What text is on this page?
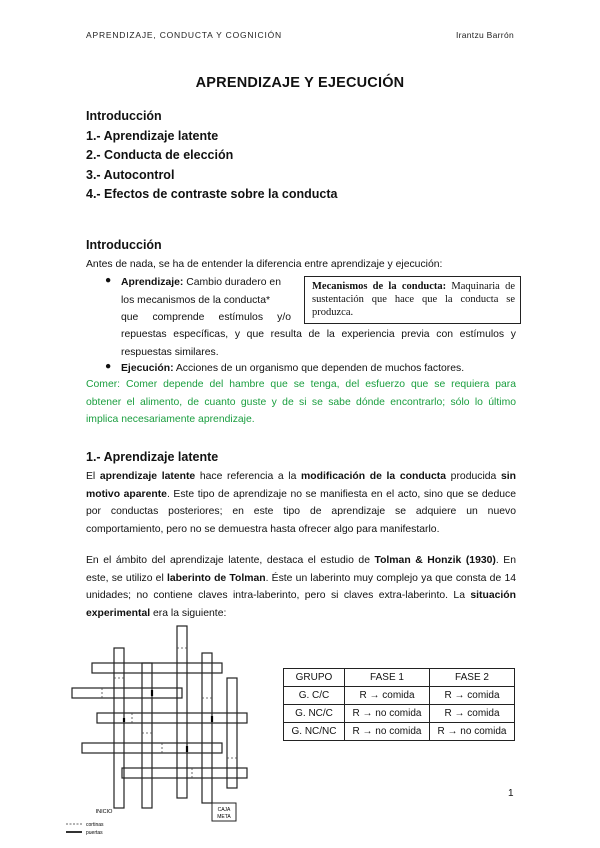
APRENDIZAJE, CONDUCTA Y COGNICIÓN	Irantzu Barrón
APRENDIZAJE Y EJECUCIÓN
Introducción
1.- Aprendizaje latente
2.- Conducta de elección
3.- Autocontrol
4.- Efectos de contraste sobre la conducta
Introducción
Antes de nada, se ha de entender la diferencia entre aprendizaje y ejecución:
● Aprendizaje: Cambio duradero en
los mecanismos de la conducta*
que comprende estímulos y/o
repuestas específicas, y que resulta de la experiencia previa con estímulos y
respuestas similares.
Mecanismos de la conducta: Maquinaria de sustentación que hace que la conducta se produzca.
● Ejecución: Acciones de un organismo que dependen de muchos factores.
Comer: Comer depende del hambre que se tenga, del esfuerzo que se requiera para
obtener el alimento, de cuanto guste y de si se sabe dónde encontrarlo; sólo lo último
implica necesariamente aprendizaje.
1.- Aprendizaje latente
El aprendizaje latente hace referencia a la modificación de la conducta producida sin motivo aparente. Este tipo de aprendizaje no se manifiesta en el acto, sino que se deduce por conductas posteriores; en este tipo de aprendizaje se adquiere un nuevo comportamiento, pero no se demuestra hasta ofrecer algo para manifestarlo.
En el ámbito del aprendizaje latente, destaca el estudio de Tolman & Honzik (1930). En este, se utilizo el laberinto de Tolman. Éste un laberinto muy complejo ya que consta de 14 unidades; no contiene claves intra-laberinto, pero si claves extra-laberinto. La situación experimental era la siguiente:
CAJA
META
INICIO
cortinas
puertas
GRUPO	FASE 1	FASE 2
G. C/C	R → comida	R → comida
G. NC/C	R → no comida	R → comida
G. NC/NC	R → no comida	R → no comida
1
